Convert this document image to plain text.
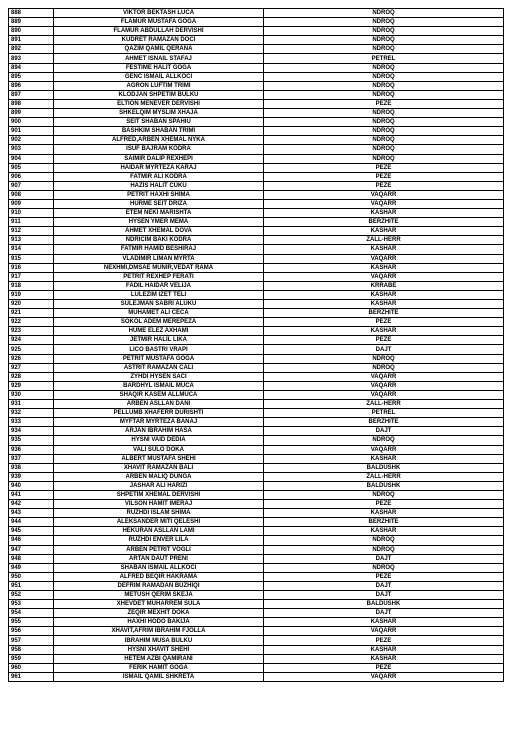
888	VIKTOR BEKTASH LUCA	NDROQ
889	FLAMUR MUSTAFA GOGA	NDROQ
890	FLAMUR ABDULLAH DERVISHI	NDROQ
891	KUDRET RAMAZAN DOCI	NDROQ
892	QAZIM QAMIL QERANA	NDROQ
893	AHMET ISNAIL STAFAJ	PETREL
894	FESTIME HALIT GOGA	NDROQ
895	GENC ISMAIL ALLKOCI	NDROQ
896	AGRON LUFTIM TRIMI	NDROQ
897	KLODJAN SHPETIM BULKU	NDROQ
898	ELTION MENEVER DERVISHI	PEZE
899	SHKELQIM MYSLIM XHAJA	NDROQ
900	SEIT SHABAN SPAHIU	NDROQ
901	BASHKIM SHABAN TRIMI	NDROQ
902	ALFRED,ARBEN XHEMAL NYKA	NDROQ
903	ISUF BAJRAM KODRA	NDROQ
904	SAIMIR DALIP REXHEPI	NDROQ
905	HAIDAR MYRTEZA KARAJ	PEZE
906	FATMIR ALI KODRA	PEZE
907	HAZIS HALIT CUKU	PEZE
908	PETRIT HAXHI SHIMA	VAQARR
909	HURME SEIT DRIZA	VAQARR
910	ETEM NEKI MARISHTA	KASHAR
911	HYSEN YMER MEMA	BERZHITE
912	AHMET XHEMAL DOVA	KASHAR
913	NDRICIM BAKI KODRA	ZALL-HERR
914	FATMIR HAMID BESHIRAJ	KASHAR
915	VLADIMIR LIMAN MYRTA	VAQARR
916	NEXHMI,DMSAE MUNIR,VEDAT RAMA	KASHAR
917	PETRIT REXHEP FERATI	VAQARR
918	FADIL HAIDAR VELIJA	KRRABE
919	LULEZIM IZET TELI	KASHAR
920	SULEJMAN SABRI ALUKU	KASHAR
921	MUHAMET ALI CECA	BERZHITE
922	SOKOL ADEM MEREPEZA	PEZE
923	HUME ELEZ AXHAMI	KASHAR
924	JETMIR HALIL LIKA	PEZE
925	LICO BASTRI VRAPI	DAJT
926	PETRIT MUSTAFA GOGA	NDROQ
927	ASTRIT RAMAZAN CALI	NDROQ
928	ZYHDI HYSEN SACI	VAQARR
929	BARDHYL ISMAIL MUCA	VAQARR
930	SHAQIR KASEM ALLMUCA	VAQARR
931	ARBEN ASLLAN DANI	ZALL-HERR
932	PELLUMB XHAFERR DURISHTI	PETREL
933	MYFTAR MYRTEZA BANAJ	BERZHITE
934	ARJAN IBRAHIM HASA	DAJT
935	HYSNI VAID DEDIA	NDROQ
936	VALI SULO DOKA	VAQARR
937	ALBERT MUSTAFA SHEHI	KASHAR
938	XHAVIT RAMAZAN BALI	BALDUSHK
939	ARBEN MALIQ DUNGA	ZALL-HERR
940	JASHAR ALI HARIZI	BALDUSHK
941	SHPETIM XHEMAL DERVISHI	NDROQ
942	VILSON HAMIT IMERAJ	PEZE
943	RUZHDI ISLAM SHIMA	KASHAR
944	ALEKSANDER MITI QELESHI	BERZHITE
945	HEKURAN ASLLAN LAMI	KASHAR
946	RUZHDI ENVER LILA	NDROQ
947	ARBEN PETRIT VOGLI	NDROQ
948	ARTAN DAUT PRENI	DAJT
949	SHABAN ISMAIL ALLKOCI	NDROQ
950	ALFRED BEQIR HAKRAMA	PEZE
951	DEFRIM RAMADAN BUZHIQI	DAJT
952	METUSH QERIM SKEJA	DAJT
953	XHEVDET MUHARREM SULA	BALDUSHK
954	ZEQIR MEXHIT DOKA	DAJT
955	HAXHI HODO BAKIJA	KASHAR
956	XHAVIT,AFRIM IBRAHIM FJOLLA	VAQARR
957	IBRAHIM MUSA BULKU	PEZE
958	HYSNI XHAVIT SHEHI	KASHAR
959	HETEM AZBI QAMIRANI	KASHAR
960	FERIK HAMIT GOGA	PEZE
961	ISMAIL QAMIL SHKRETA	VAQARR
